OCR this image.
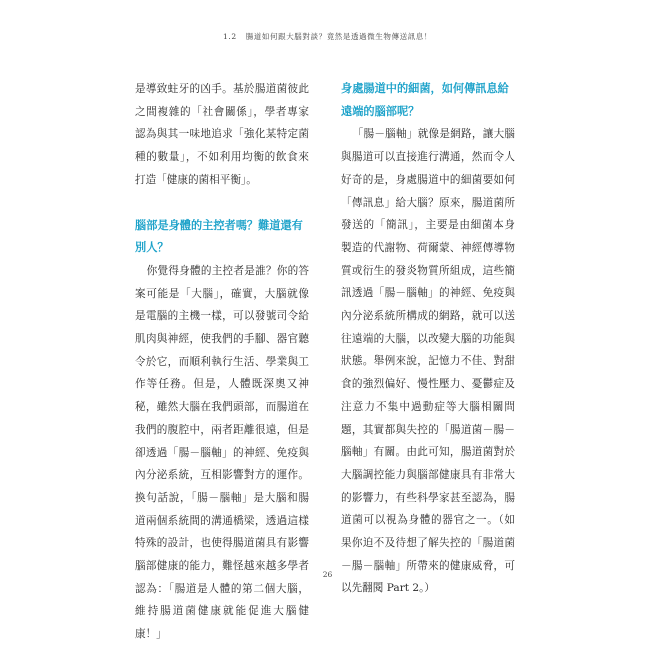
1.2 腸道如何跟大腦對談？竟然是透過微生物傳送訊息！

是導致蛀牙的凶手。基於腸道菌彼此之間複雜的「社會關係」，學者專家認為與其一味地追求「強化某特定菌種的數量」，不如利用均衡的飲食來打造「健康的菌相平衡」。

腦部是身體的主控者嗎？難道還有別人？

你覺得身體的主控者是誰？你的答案可能是「大腦」，確實，大腦就像是電腦的主機一樣，可以發號司令給肌肉與神經，使我們的手腳、器官聽令於它，而順利執行生活、學業與工作等任務。但是，人體既深奧又神秘，雖然大腦在我們頭部，而腸道在我們的腹腔中，兩者距離很遠，但是卻透過「腸－腦軸」的神經、免疫與內分泌系統，互相影響對方的運作。換句話說，「腸－腦軸」是大腦和腸道兩個系統間的溝通橋梁，透過這樣特殊的設計，也使得腸道菌具有影響腦部健康的能力，難怪越來越多學者認為：「腸道是人體的第二個大腦，維持腸道菌健康就能促進大腦健康！」

身處腸道中的細菌，如何傳訊息給遠端的腦部呢？

「腸－腦軸」就像是網路，讓大腦與腸道可以直接進行溝通，然而令人好奇的是，身處腸道中的細菌要如何「傳訊息」給大腦？原來，腸道菌所發送的「簡訊」，主要是由細菌本身製造的代謝物、荷爾蒙、神經傳導物質或衍生的發炎物質所組成，這些簡訊透過「腸－腦軸」的神經、免疫與內分泌系統所構成的網路，就可以送往遠端的大腦，以改變大腦的功能與狀態。舉例來說，記憶力不佳、對甜食的強烈偏好、慢性壓力、憂鬱症及注意力不集中過動症等大腦相關問題，其實都與失控的「腸道菌－腸－腦軸」有關。由此可知，腸道菌對於大腦調控能力與腦部健康具有非常大的影響力，有些科學家甚至認為，腸道菌可以視為身體的器官之一。（如果你迫不及待想了解失控的「腸道菌－腸－腦軸」所帶來的健康威脅，可以先翻閱 Part 2。）

26
